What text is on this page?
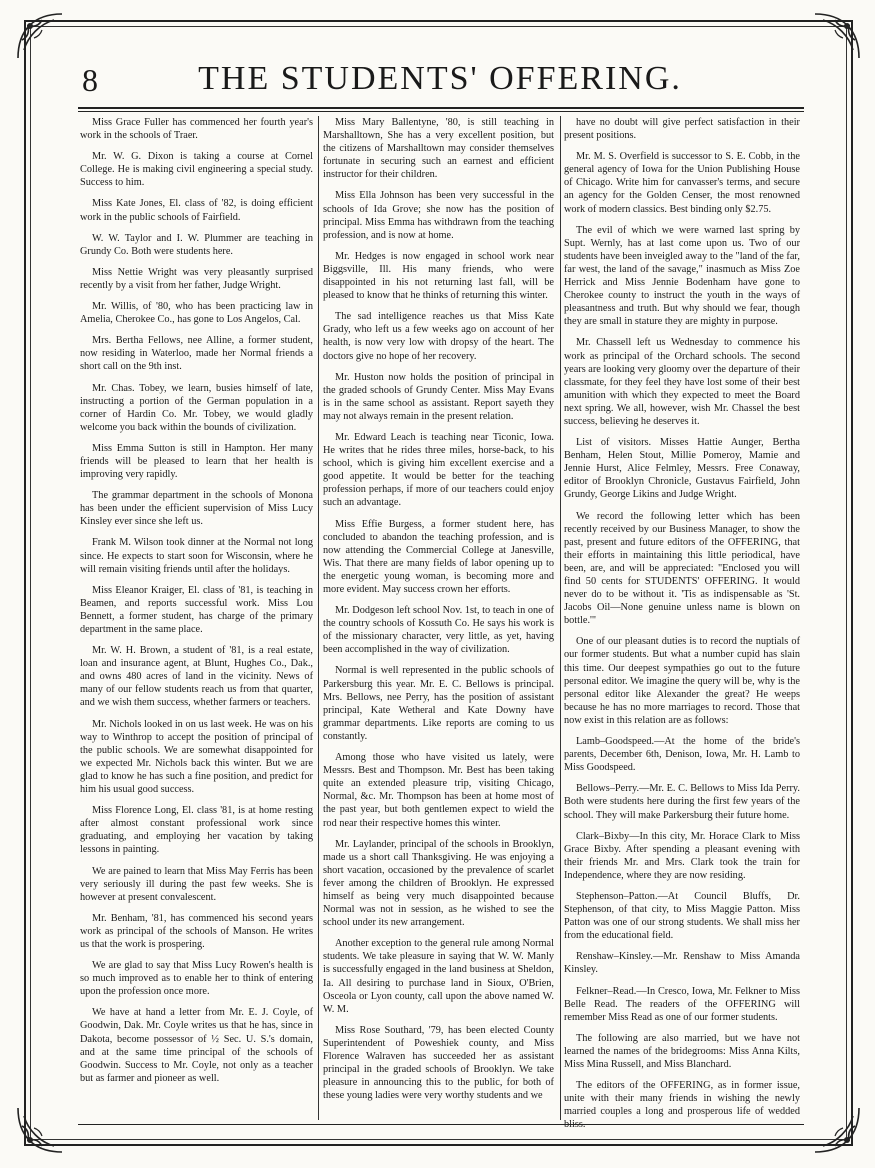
8	THE STUDENTS' OFFERING.

Miss Grace Fuller has commenced her fourth year's work in the schools of Traer.

Mr. W. G. Dixon is taking a course at Cornel College. He is making civil engineering a special study. Success to him.

Miss Kate Jones, El. class of '82, is doing efficient work in the public schools of Fairfield.

W. W. Taylor and I. W. Plummer are teaching in Grundy Co. Both were students here.

Miss Nettie Wright was very pleasantly surprised recently by a visit from her father, Judge Wright.

Mr. Willis, of '80, who has been practicing law in Amelia, Cherokee Co., has gone to Los Angelos, Cal.

Mrs. Bertha Fellows, nee Alline, a former student, now residing in Waterloo, made her Normal friends a short call on the 9th inst.

Mr. Chas. Tobey, we learn, busies himself of late, instructing a portion of the German population in a corner of Hardin Co. Mr. Tobey, we would gladly welcome you back within the bounds of civilization.

Miss Emma Sutton is still in Hampton. Her many friends will be pleased to learn that her health is improving very rapidly.

The grammar department in the schools of Monona has been under the efficient supervision of Miss Lucy Kinsley ever since she left us.

Frank M. Wilson took dinner at the Normal not long since. He expects to start soon for Wisconsin, where he will remain visiting friends until after the holidays.

Miss Eleanor Kraiger, El. class of '81, is teaching in Beamen, and reports successful work. Miss Lou Bennett, a former student, has charge of the primary department in the same place.

Mr. W. H. Brown, a student of '81, is a real estate, loan and insurance agent, at Blunt, Hughes Co., Dak., and owns 480 acres of land in the vicinity. News of many of our fellow students reach us from that quarter, and we wish them success, whether farmers or teachers.

Mr. Nichols looked in on us last week. He was on his way to Winthrop to accept the position of principal of the public schools. We are somewhat disappointed for we expected Mr. Nichols back this winter. But we are glad to know he has such a fine position, and predict for him his usual good success.

Miss Florence Long, El. class '81, is at home resting after almost constant professional work since graduating, and employing her vacation by taking lessons in painting.

We are pained to learn that Miss May Ferris has been very seriously ill during the past few weeks. She is however at present convalescent.

Mr. Benham, '81, has commenced his second years work as principal of the schools of Manson. He writes us that the work is prospering.

We are glad to say that Miss Lucy Rowen's health is so much improved as to enable her to think of entering upon the profession once more.

We have at hand a letter from Mr. E. J. Coyle, of Goodwin, Dak. Mr. Coyle writes us that he has, since in Dakota, become possessor of ½ Sec. U. S.'s domain, and at the same time principal of the schools of Goodwin. Success to Mr. Coyle, not only as a teacher but as farmer and pioneer as well.

Miss Mary Ballentyne, '80, is still teaching in Marshalltown, She has a very excellent position, but the citizens of Marshalltown may consider themselves fortunate in securing such an earnest and efficient instructor for their children.

Miss Ella Johnson has been very successful in the schools of Ida Grove; she now has the position of principal. Miss Emma has withdrawn from the teaching profession, and is now at home.

Mr. Hedges is now engaged in school work near Biggsville, Ill. His many friends, who were disappointed in his not returning last fall, will be pleased to know that he thinks of returning this winter.

The sad intelligence reaches us that Miss Kate Grady, who left us a few weeks ago on account of her health, is now very low with dropsy of the heart. The doctors give no hope of her recovery.

Mr. Huston now holds the position of principal in the graded schools of Grundy Center. Miss May Evans is in the same school as assistant. Report sayeth they may not always remain in the present relation.

Mr. Edward Leach is teaching near Ticonic, Iowa. He writes that he rides three miles, horse-back, to his school, which is giving him excellent exercise and a good appetite. It would be better for the teaching profession perhaps, if more of our teachers could enjoy such an advantage.

Miss Effie Burgess, a former student here, has concluded to abandon the teaching profession, and is now attending the Commercial College at Janesville, Wis. That there are many fields of labor opening up to the energetic young woman, is becoming more and more evident. May success crown her efforts.

Mr. Dodgeson left school Nov. 1st, to teach in one of the country schools of Kossuth Co. He says his work is of the missionary character, very little, as yet, having been accomplished in the way of civilization.

Normal is well represented in the public schools of Parkersburg this year. Mr. E. C. Bellows is principal. Mrs. Bellows, nee Perry, has the position of assistant principal, Kate Wetheral and Kate Downy have grammar departments. Like reports are coming to us constantly.

Among those who have visited us lately, were Messrs. Best and Thompson. Mr. Best has been taking quite an extended pleasure trip, visiting Chicago, Normal, &c. Mr. Thompson has been at home most of the past year, but both gentlemen expect to wield the rod near their respective homes this winter.

Mr. Laylander, principal of the schools in Brooklyn, made us a short call Thanksgiving. He was enjoying a short vacation, occasioned by the prevalence of scarlet fever among the children of Brooklyn. He expressed himself as being very much disappointed because Normal was not in session, as he wished to see the school under its new arrangement.

Another exception to the general rule among Normal students. We take pleasure in saying that W. W. Manly is successfully engaged in the land business at Sheldon, Ia. All desiring to purchase land in Sioux, O'Brien, Osceola or Lyon county, call upon the above named W. W. M.

Miss Rose Southard, '79, has been elected County Superintendent of Poweshiek county, and Miss Florence Walraven has succeeded her as assistant principal in the graded schools of Brooklyn. We take pleasure in announcing this to the public, for both of these young ladies were very worthy students and we

have no doubt will give perfect satisfaction in their present positions.

Mr. M. S. Overfield is successor to S. E. Cobb, in the general agency of Iowa for the Union Publishing House of Chicago. Write him for canvasser's terms, and secure an agency for the Golden Censer, the most renowned work of modern classics. Best binding only $2.75.

The evil of which we were warned last spring by Supt. Wernly, has at last come upon us. Two of our students have been inveigled away to the "land of the far, far west, the land of the savage," inasmuch as Miss Zoe Herrick and Miss Jennie Bodenham have gone to Cherokee county to instruct the youth in the ways of pleasantness and truth. But why should we fear, though they are small in stature they are mighty in purpose.

Mr. Chassell left us Wednesday to commence his work as principal of the Orchard schools. The second years are looking very gloomy over the departure of their classmate, for they feel they have lost some of their best amunition with which they expected to meet the Board next spring. We all, however, wish Mr. Chassel the best success, believing he deserves it.

List of visitors. Misses Hattie Aunger, Bertha Benham, Helen Stout, Millie Pomeroy, Mamie and Jennie Hurst, Alice Felmley, Messrs. Free Conaway, editor of Brooklyn Chronicle, Gustavus Fairfield, John Grundy, George Likins and Judge Wright.

We record the following letter which has been recently received by our Business Manager, to show the past, present and future editors of the OFFERING, that their efforts in maintaining this little periodical, have been, are, and will be appreciated: "Enclosed you will find 50 cents for STUDENTS' OFFERING. It would never do to be without it. 'Tis as indispensable as 'St. Jacobs Oil—None genuine unless name is blown on bottle.'"

One of our pleasant duties is to record the nuptials of our former students. But what a number cupid has slain this time. Our deepest sympathies go out to the future personal editor. We imagine the query will be, why is the personal editor like Alexander the great? He weeps because he has no more marriages to record. Those that now exist in this relation are as follows:

Lamb–Goodspeed.—At the home of the bride's parents, December 6th, Denison, Iowa, Mr. H. Lamb to Miss Goodspeed.

Bellows–Perry.—Mr. E. C. Bellows to Miss Ida Perry. Both were students here during the first few years of the school. They will make Parkersburg their future home.

Clark–Bixby—In this city, Mr. Horace Clark to Miss Grace Bixby. After spending a pleasant evening with their friends Mr. and Mrs. Clark took the train for Independence, where they are now residing.

Stephenson–Patton.—At Council Bluffs, Dr. Stephenson, of that city, to Miss Maggie Patton. Miss Patton was one of our strong students. We shall miss her from the educational field.

Renshaw–Kinsley.—Mr. Renshaw to Miss Amanda Kinsley.

Felkner–Read.—In Cresco, Iowa, Mr. Felkner to Miss Belle Read. The readers of the OFFERING will remember Miss Read as one of our former students.

The following are also married, but we have not learned the names of the bridegrooms: Miss Anna Kilts, Miss Mina Russell, and Miss Blanchard.

The editors of the OFFERING, as in former issue, unite with their many friends in wishing the newly married couples a long and prosperous life of wedded
